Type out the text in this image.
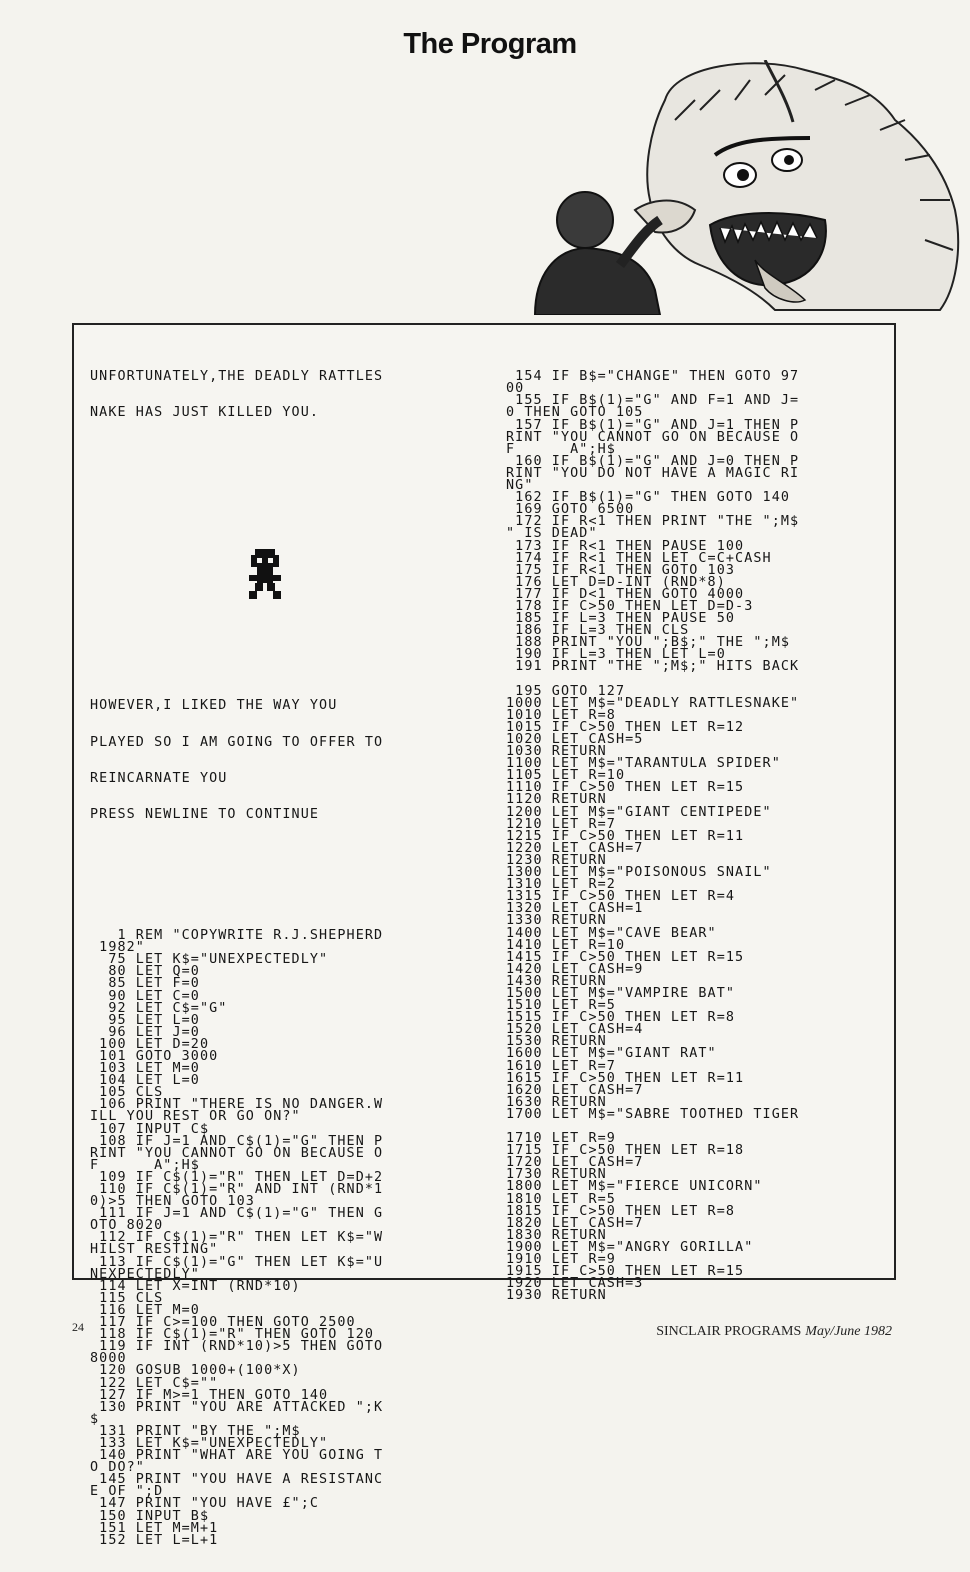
The Program

UNFORTUNATELY,THE DEADLY RATTLES

NAKE HAS JUST KILLED YOU.

HOWEVER,I LIKED THE WAY YOU

PLAYED SO I AM GOING TO OFFER TO

REINCARNATE YOU

PRESS NEWLINE TO CONTINUE

1 REM "COPYWRITE R.J.SHEPHERD
1982"
75 LET K$="UNEXPECTEDLY"
80 LET Q=0
85 LET F=0
90 LET C=0
92 LET C$="G"
95 LET L=0
96 LET J=0
100 LET D=20
101 GOTO 3000
103 LET M=0
104 LET L=0
105 CLS
106 PRINT "THERE IS NO DANGER.W
ILL YOU REST OR GO ON?"
107 INPUT C$
108 IF J=1 AND C$(1)="G" THEN P
RINT "YOU CANNOT GO ON BECAUSE O
F      A";H$
109 IF C$(1)="R" THEN LET D=D+2
110 IF C$(1)="R" AND INT (RND*1
0)>5 THEN GOTO 103
111 IF J=1 AND C$(1)="G" THEN G
OTO 8020
112 IF C$(1)="R" THEN LET K$="W
HILST RESTING"
113 IF C$(1)="G" THEN LET K$="U
NEXPECTEDLY"
114 LET X=INT (RND*10)
115 CLS
116 LET M=0
117 IF C>=100 THEN GOTO 2500
118 IF C$(1)="R" THEN GOTO 120
119 IF INT (RND*10)>5 THEN GOTO
8000
120 GOSUB 1000+(100*X)
122 LET C$=""
127 IF M>=1 THEN GOTO 140
130 PRINT "YOU ARE ATTACKED ";K
$
131 PRINT "BY THE ";M$
133 LET K$="UNEXPECTEDLY"
140 PRINT "WHAT ARE YOU GOING T
O DO?"
145 PRINT "YOU HAVE A RESISTANC
E OF ";D
147 PRINT "YOU HAVE £";C
150 INPUT B$
151 LET M=M+1
152 LET L=L+1

154 IF B$="CHANGE" THEN GOTO 97
00
155 IF B$(1)="G" AND F=1 AND J=
0 THEN GOTO 105
157 IF B$(1)="G" AND J=1 THEN P
RINT "YOU CANNOT GO ON BECAUSE O
F      A";H$
160 IF B$(1)="G" AND J=0 THEN P
RINT "YOU DO NOT HAVE A MAGIC RI
NG"
162 IF B$(1)="G" THEN GOTO 140
169 GOTO 6500
172 IF R<1 THEN PRINT "THE ";M$
" IS DEAD"
173 IF R<1 THEN PAUSE 100
174 IF R<1 THEN LET C=C+CASH
175 IF R<1 THEN GOTO 103
176 LET D=D-INT (RND*8)
177 IF D<1 THEN GOTO 4000
178 IF C>50 THEN LET D=D-3
185 IF L=3 THEN PAUSE 50
186 IF L=3 THEN CLS
188 PRINT "YOU ";B$;" THE ";M$
190 IF L=3 THEN LET L=0
191 PRINT "THE ";M$;" HITS BACK
195 GOTO 127
1000 LET M$="DEADLY RATTLESNAKE"
1010 LET R=8
1015 IF C>50 THEN LET R=12
1020 LET CASH=5
1030 RETURN
1100 LET M$="TARANTULA SPIDER"
1105 LET R=10
1110 IF C>50 THEN LET R=15
1120 RETURN
1200 LET M$="GIANT CENTIPEDE"
1210 LET R=7
1215 IF C>50 THEN LET R=11
1220 LET CASH=7
1230 RETURN
1300 LET M$="POISONOUS SNAIL"
1310 LET R=2
1315 IF C>50 THEN LET R=4
1320 LET CASH=1
1330 RETURN
1400 LET M$="CAVE BEAR"
1410 LET R=10
1415 IF C>50 THEN LET R=15
1420 LET CASH=9
1430 RETURN
1500 LET M$="VAMPIRE BAT"
1510 LET R=5
1515 IF C>50 THEN LET R=8
1520 LET CASH=4
1530 RETURN
1600 LET M$="GIANT RAT"
1610 LET R=7
1615 IF C>50 THEN LET R=11
1620 LET CASH=7
1630 RETURN
1700 LET M$="SABRE TOOTHED TIGER
1710 LET R=9
1715 IF C>50 THEN LET R=18
1720 LET CASH=7
1730 RETURN
1800 LET M$="FIERCE UNICORN"
1810 LET R=5
1815 IF C>50 THEN LET R=8
1820 LET CASH=7
1830 RETURN
1900 LET M$="ANGRY GORILLA"
1910 LET R=9
1915 IF C>50 THEN LET R=15
1920 LET CASH=3
1930 RETURN

24	SINCLAIR PROGRAMS May/June 1982
